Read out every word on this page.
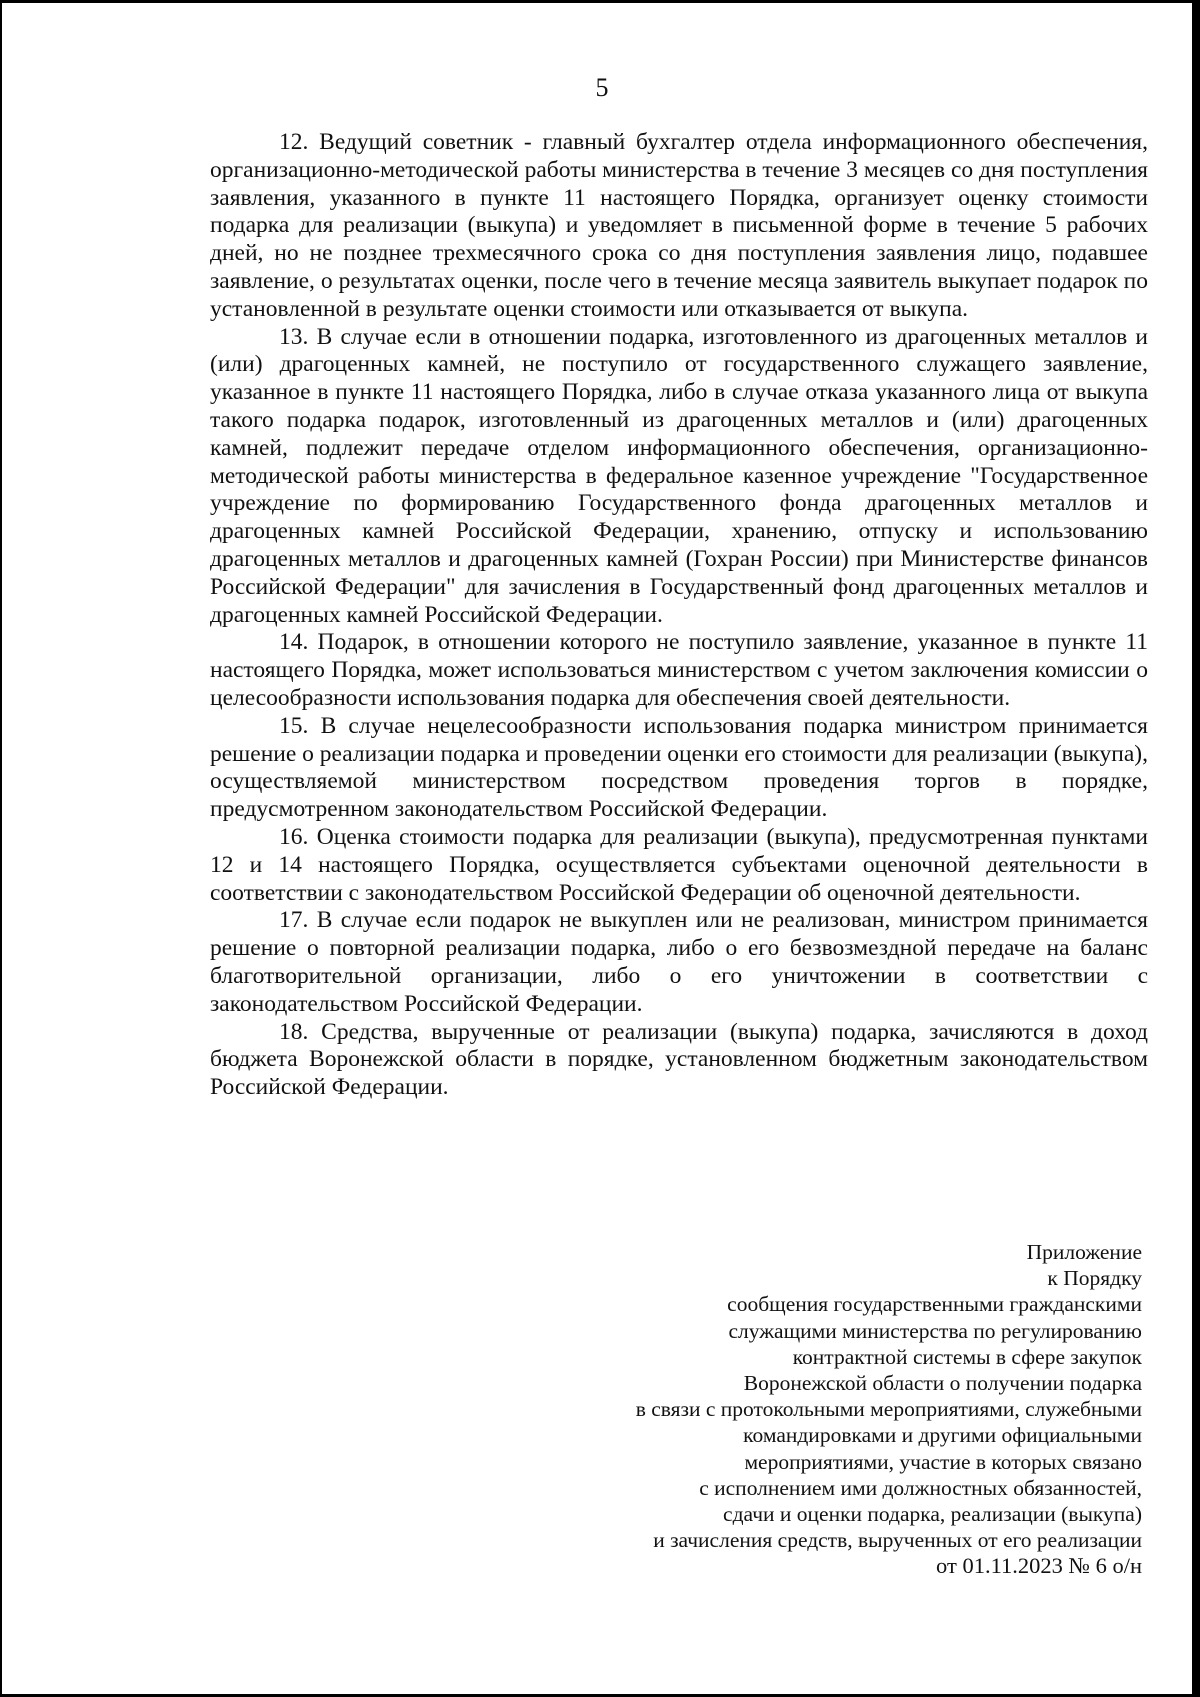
5

12. Ведущий советник - главный бухгалтер отдела информационного обеспечения, организационно-методической работы министерства в течение 3 месяцев со дня поступления заявления, указанного в пункте 11 настоящего Порядка, организует оценку стоимости подарка для реализации (выкупа) и уведомляет в письменной форме в течение 5 рабочих дней, но не позднее трехмесячного срока со дня поступления заявления лицо, подавшее заявление, о результатах оценки, после чего в течение месяца заявитель выкупает подарок по установленной в результате оценки стоимости или отказывается от выкупа.

13. В случае если в отношении подарка, изготовленного из драгоценных металлов и (или) драгоценных камней, не поступило от государственного служащего заявление, указанное в пункте 11 настоящего Порядка, либо в случае отказа указанного лица от выкупа такого подарка подарок, изготовленный из драгоценных металлов и (или) драгоценных камней, подлежит передаче отделом информационного обеспечения, организационно-методической работы министерства в федеральное казенное учреждение "Государственное учреждение по формированию Государственного фонда драгоценных металлов и драгоценных камней Российской Федерации, хранению, отпуску и использованию драгоценных металлов и драгоценных камней (Гохран России) при Министерстве финансов Российской Федерации" для зачисления в Государственный фонд драгоценных металлов и драгоценных камней Российской Федерации.

14. Подарок, в отношении которого не поступило заявление, указанное в пункте 11 настоящего Порядка, может использоваться министерством с учетом заключения комиссии о целесообразности использования подарка для обеспечения своей деятельности.

15. В случае нецелесообразности использования подарка министром принимается решение о реализации подарка и проведении оценки его стоимости для реализации (выкупа), осуществляемой министерством посредством проведения торгов в порядке, предусмотренном законодательством Российской Федерации.

16. Оценка стоимости подарка для реализации (выкупа), предусмотренная пунктами 12 и 14 настоящего Порядка, осуществляется субъектами оценочной деятельности в соответствии с законодательством Российской Федерации об оценочной деятельности.

17. В случае если подарок не выкуплен или не реализован, министром принимается решение о повторной реализации подарка, либо о его безвозмездной передаче на баланс благотворительной организации, либо о его уничтожении в соответствии с законодательством Российской Федерации.

18. Средства, вырученные от реализации (выкупа) подарка, зачисляются в доход бюджета Воронежской области в порядке, установленном бюджетным законодательством Российской Федерации.

Приложение
к Порядку
сообщения государственными гражданскими
служащими министерства по регулированию
контрактной системы в сфере закупок
Воронежской области о получении подарка
в связи с протокольными мероприятиями, служебными
командировками и другими официальными
мероприятиями, участие в которых связано
с исполнением ими должностных обязанностей,
сдачи и оценки подарка, реализации (выкупа)
и зачисления средств, вырученных от его реализации
от 01.11.2023 № 6 о/н
